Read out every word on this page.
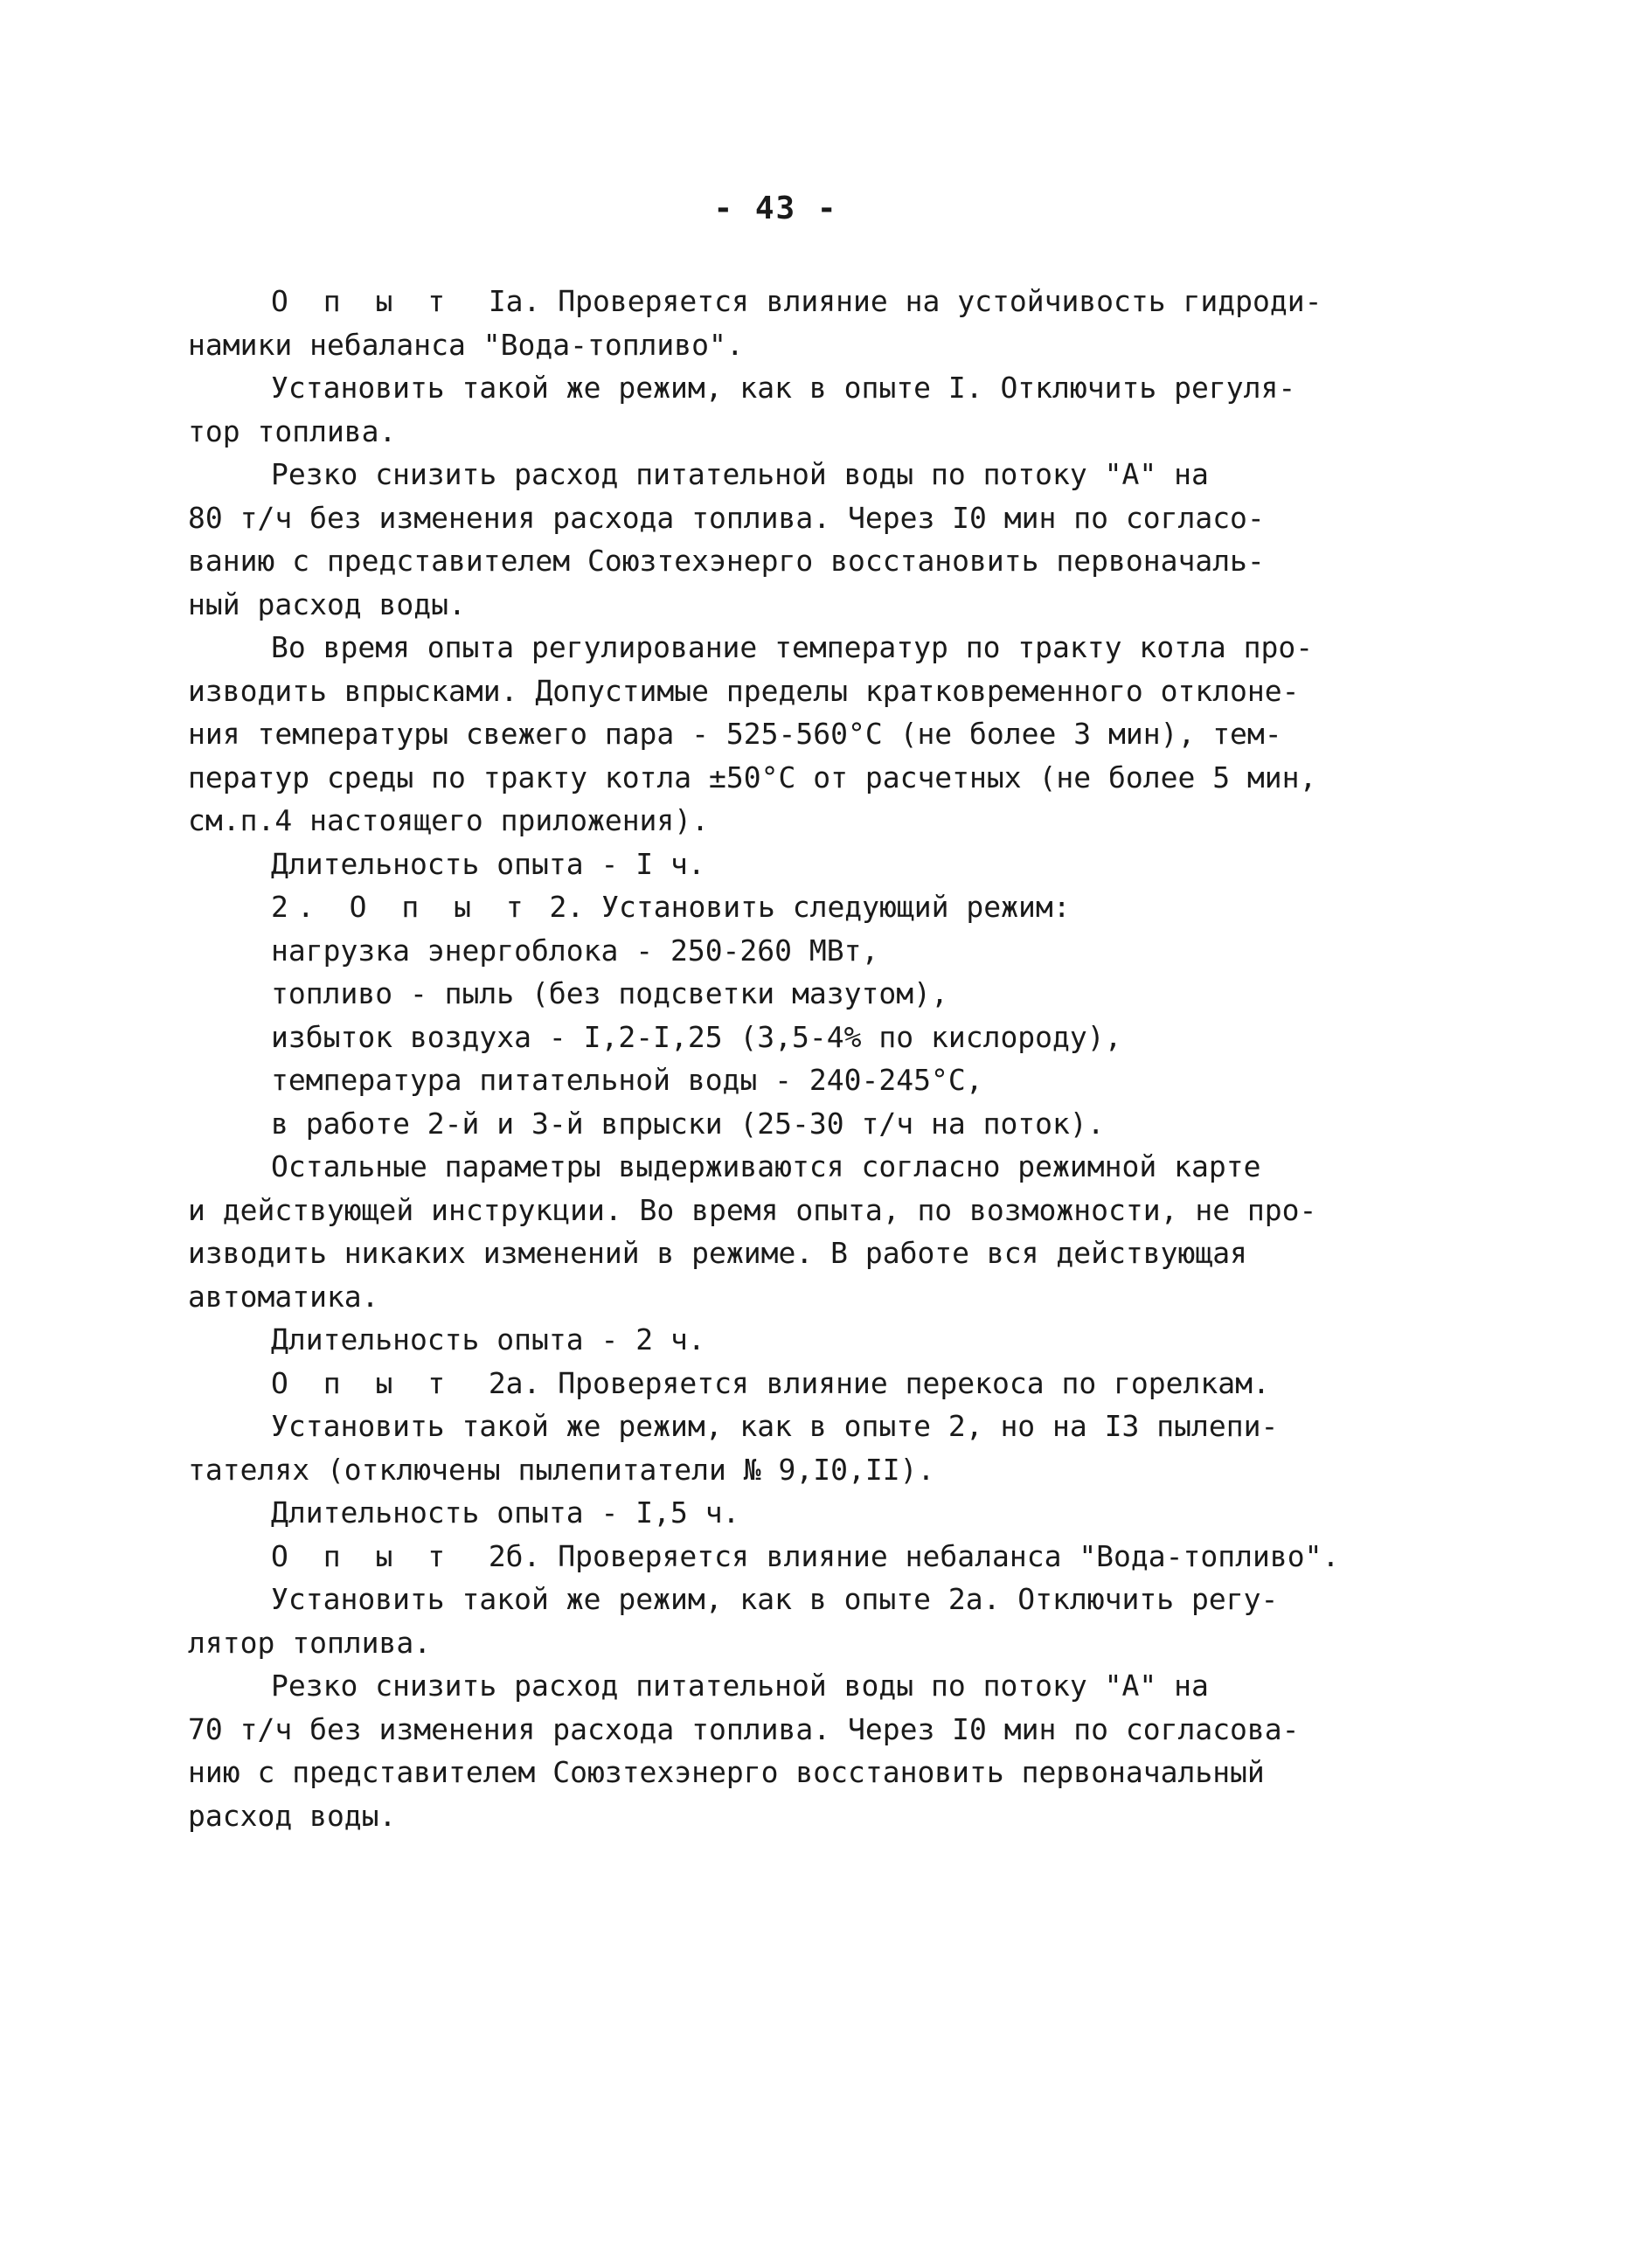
- 43 -
О п ы т  Iа. Проверяется влияние на устойчивость гидроди-
намики небаланса "Вода-топливо".
Установить такой же режим, как в опыте I. Отключить регуля-
тор топлива.
Резко снизить расход питательной воды по потоку "А" на
80 т/ч без изменения расхода топлива. Через I0 мин по согласо-
ванию с представителем Союзтехэнерго восстановить первоначаль-
ный расход воды.
Во время опыта регулирование температур по тракту котла про-
изводить впрысками. Допустимые пределы кратковременного отклоне-
ния температуры свежего пара - 525-560°С (не более 3 мин), тем-
ператур среды по тракту котла ±50°С от расчетных (не более 5 мин,
см.п.4 настоящего приложения).
Длительность опыта - I ч.
2. О п ы т 2. Установить следующий режим:
нагрузка энергоблока - 250-260 МВт,
топливо - пыль (без подсветки мазутом),
избыток воздуха - I,2-I,25 (3,5-4% по кислороду),
температура питательной воды - 240-245°С,
в работе 2-й и 3-й впрыски (25-30 т/ч на поток).
Остальные параметры выдерживаются согласно режимной карте
и действующей инструкции. Во время опыта, по возможности, не про-
изводить никаких изменений в режиме. В работе вся действующая
автоматика.
Длительность опыта - 2 ч.
О п ы т  2а. Проверяется влияние перекоса по горелкам.
Установить такой же режим, как в опыте 2, но на I3 пылепи-
тателях (отключены пылепитатели № 9,I0,II).
Длительность опыта - I,5 ч.
О п ы т  2б. Проверяется влияние небаланса "Вода-топливо".
Установить такой же режим, как в опыте 2а. Отключить регу-
лятор топлива.
Резко снизить расход питательной воды по потоку "А" на
70 т/ч без изменения расхода топлива. Через I0 мин по согласова-
нию с представителем Союзтехэнерго восстановить первоначальный
расход воды.
